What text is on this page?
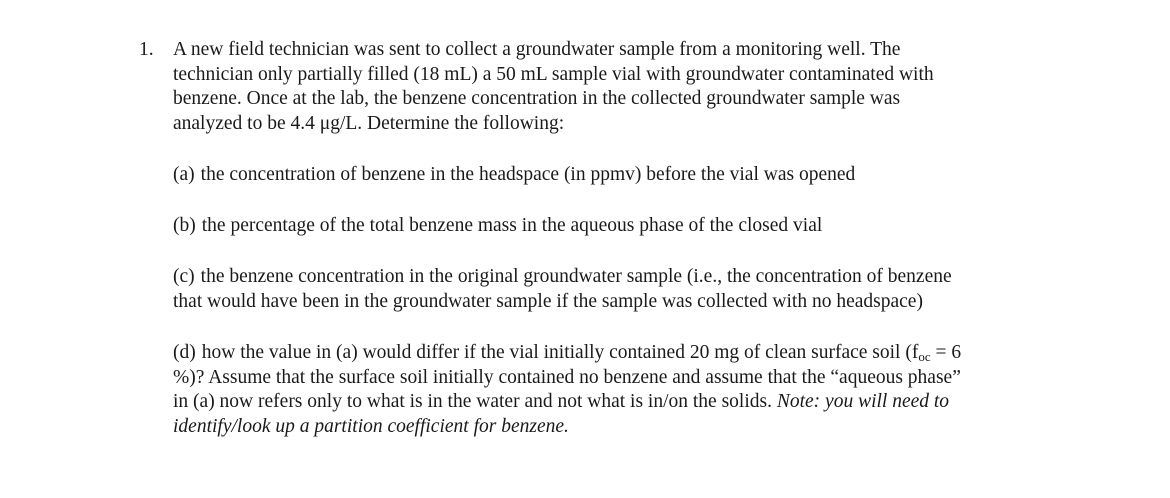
1. A new field technician was sent to collect a groundwater sample from a monitoring well. The
technician only partially filled (18 mL) a 50 mL sample vial with groundwater contaminated with
benzene. Once at the lab, the benzene concentration in the collected groundwater sample was
analyzed to be 4.4 μg/L. Determine the following:
(a) the concentration of benzene in the headspace (in ppmv) before the vial was opened
(b) the percentage of the total benzene mass in the aqueous phase of the closed vial
(c) the benzene concentration in the original groundwater sample (i.e., the concentration of benzene
that would have been in the groundwater sample if the sample was collected with no headspace)
(d) how the value in (a) would differ if the vial initially contained 20 mg of clean surface soil ($f_{oc} = 6$
%)? Assume that the surface soil initially contained no benzene and assume that the “aqueous phase”
in (a) now refers only to what is in the water and not what is in/on the solids. Note: you will need to
identify/look up a partition coefficient for benzene.
